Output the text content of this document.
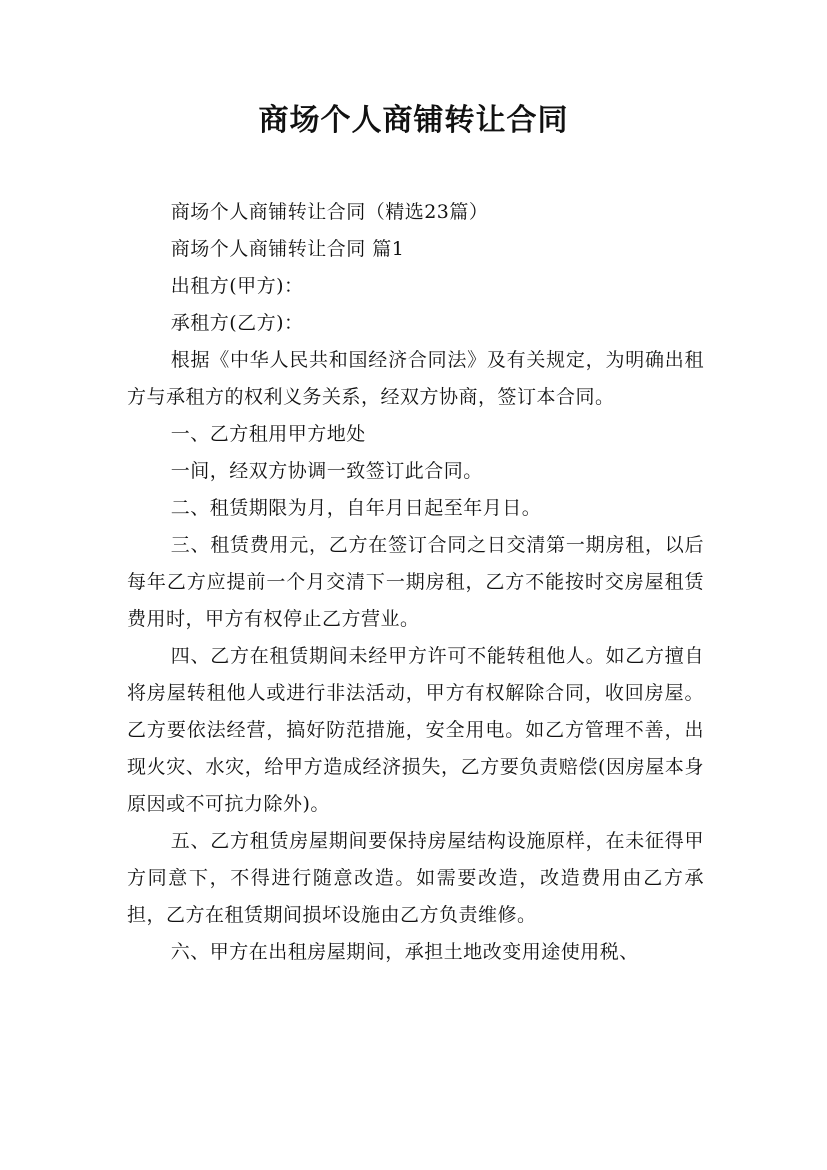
商场个人商铺转让合同

商场个人商铺转让合同（精选23篇）

商场个人商铺转让合同 篇1

出租方(甲方)：

承租方(乙方)：

根据《中华人民共和国经济合同法》及有关规定，为明确出租方与承租方的权利义务关系，经双方协商，签订本合同。

一、乙方租用甲方地处

一间，经双方协调一致签订此合同。

二、租赁期限为月，自年月日起至年月日。

三、租赁费用元，乙方在签订合同之日交清第一期房租，以后每年乙方应提前一个月交清下一期房租，乙方不能按时交房屋租赁费用时，甲方有权停止乙方营业。

四、乙方在租赁期间未经甲方许可不能转租他人。如乙方擅自将房屋转租他人或进行非法活动，甲方有权解除合同，收回房屋。乙方要依法经营，搞好防范措施，安全用电。如乙方管理不善，出现火灾、水灾，给甲方造成经济损失，乙方要负责赔偿(因房屋本身原因或不可抗力除外)。

五、乙方租赁房屋期间要保持房屋结构设施原样，在未征得甲方同意下，不得进行随意改造。如需要改造，改造费用由乙方承担，乙方在租赁期间损坏设施由乙方负责维修。

六、甲方在出租房屋期间，承担土地改变用途使用税、
